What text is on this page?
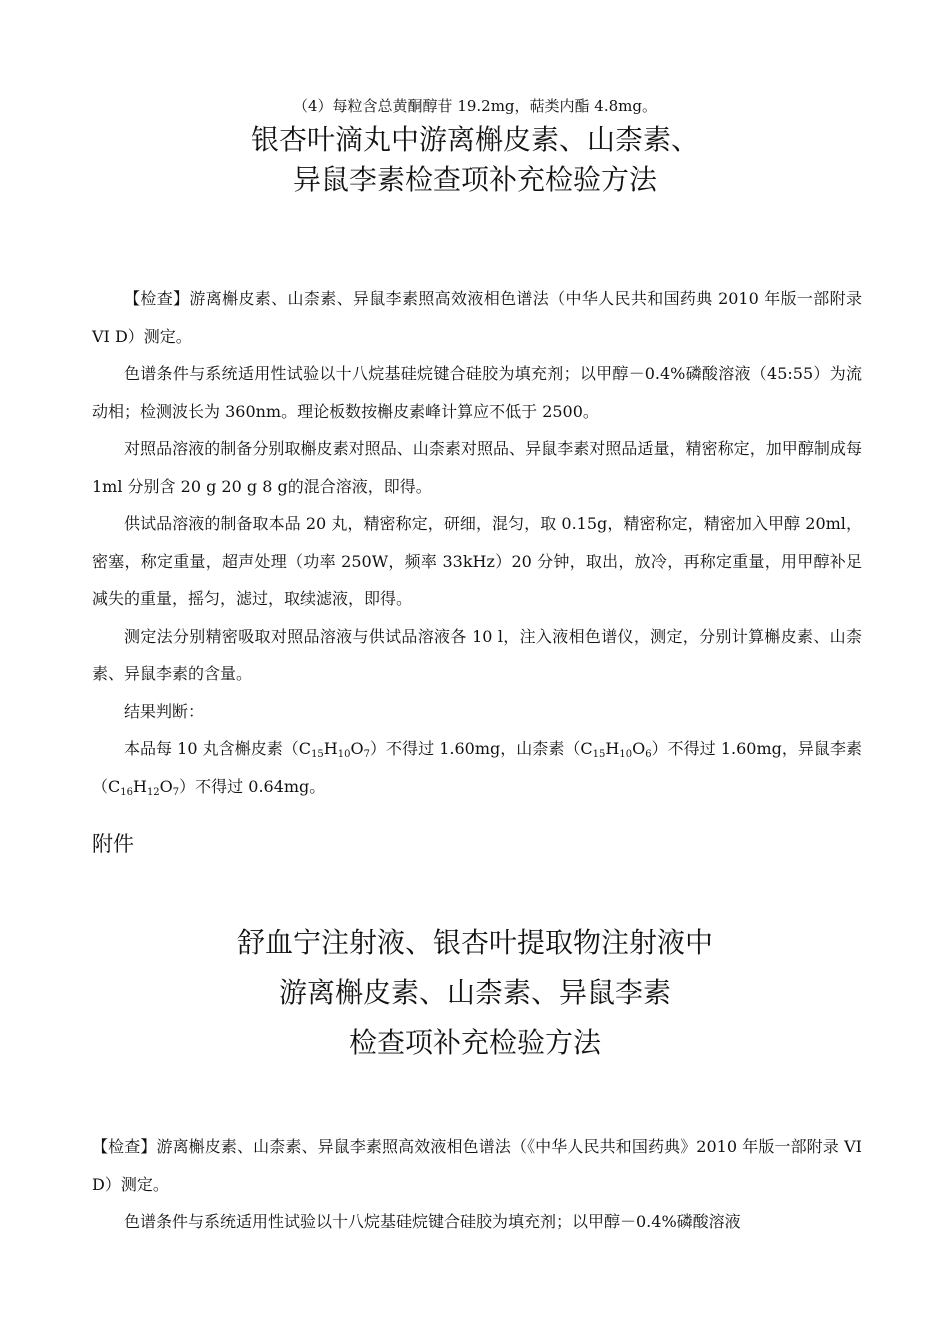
（4）每粒含总黄酮醇苷 19.2mg，萜类内酯 4.8mg。
银杏叶滴丸中游离槲皮素、山柰素、
异鼠李素检查项补充检验方法

【检查】游离槲皮素、山柰素、异鼠李素照高效液相色谱法（中华人民共和国药典 2010 年版一部附录 VI D）测定。

色谱条件与系统适用性试验以十八烷基硅烷键合硅胶为填充剂；以甲醇－0.4%磷酸溶液（45:55）为流动相；检测波长为 360nm。理论板数按槲皮素峰计算应不低于 2500。

对照品溶液的制备分别取槲皮素对照品、山柰素对照品、异鼠李素对照品适量，精密称定，加甲醇制成每 1ml 分别含 20 g 20 g 8 g的混合溶液，即得。

供试品溶液的制备取本品 20 丸，精密称定，研细，混匀，取 0.15g，精密称定，精密加入甲醇 20ml，密塞，称定重量，超声处理（功率 250W，频率 33kHz）20 分钟，取出，放冷，再称定重量，用甲醇补足减失的重量，摇匀，滤过，取续滤液，即得。

测定法分别精密吸取对照品溶液与供试品溶液各 10 l，注入液相色谱仪，测定，分别计算槲皮素、山柰素、异鼠李素的含量。

结果判断：

本品每 10 丸含槲皮素$(C_{15}H_{10}O_7)$不得过 1.60mg，山柰素$(C_{15}H_{10}O_6)$不得过 1.60mg，异鼠李素$(C_{16}H_{12}O_7)$不得过 0.64mg。

附件
舒血宁注射液、银杏叶提取物注射液中
游离槲皮素、山柰素、异鼠李素
检查项补充检验方法

【检查】游离槲皮素、山柰素、异鼠李素照高效液相色谱法（《中华人民共和国药典》2010 年版一部附录 VI D）测定。

色谱条件与系统适用性试验以十八烷基硅烷键合硅胶为填充剂；以甲醇－0.4%磷酸溶液
